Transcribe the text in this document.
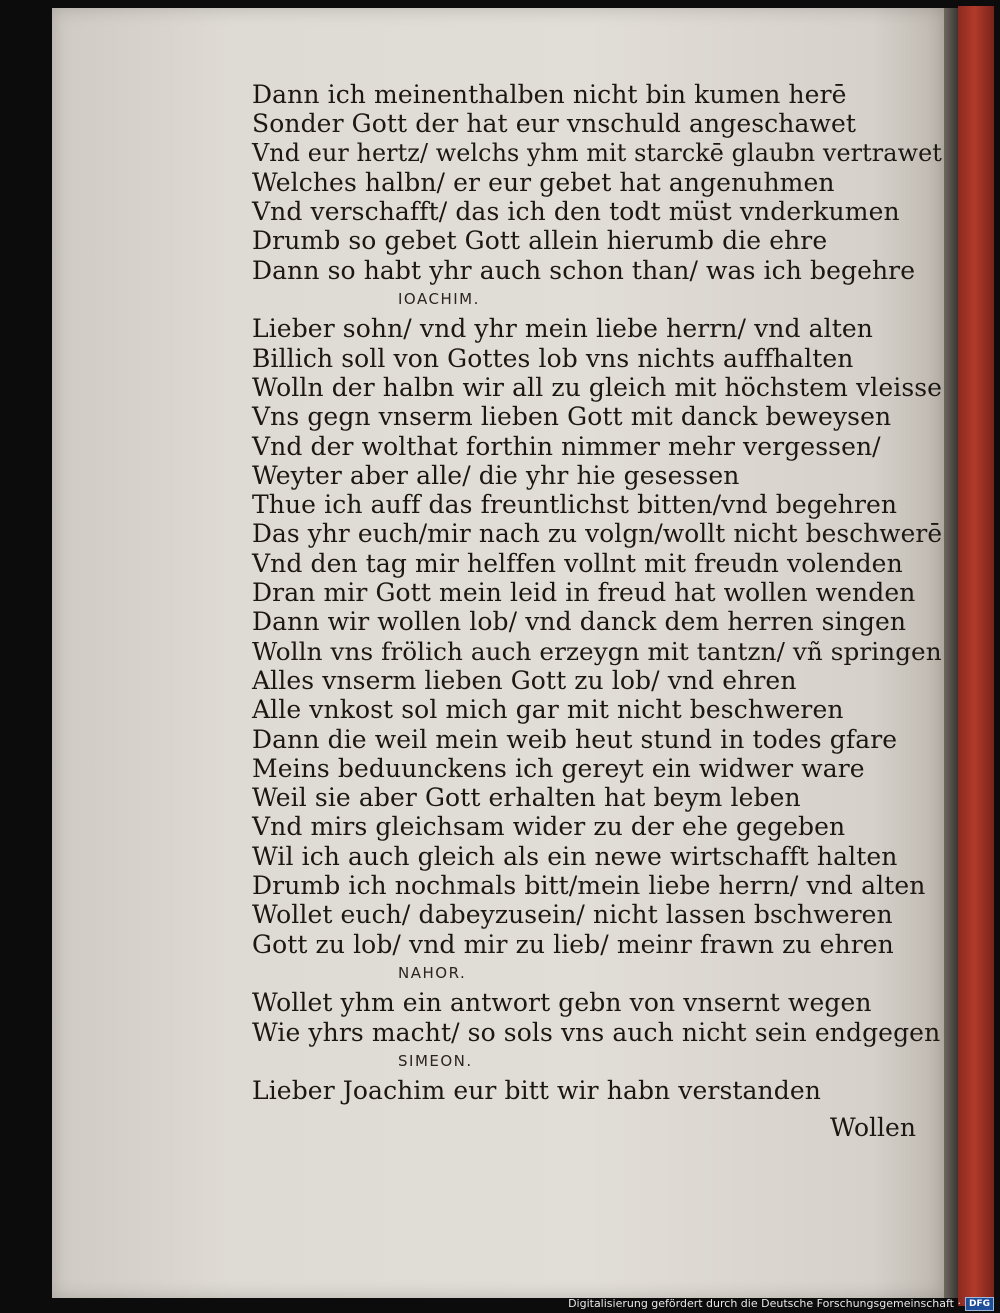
Dann ich meinenthalben nicht bin kumen herē
Sonder Gott der hat eur vnschuld angeschawet
Vnd eur hertz/ welchs yhm mit starckē glaubn vertrawet
Welches halbn/ er eur gebet hat angenuhmen
Vnd verschafft/ das ich den todt müst vnderkumen
Drumb so gebet Gott allein hierumb die ehre
Dann so habt yhr auch schon than/ was ich begehre
IOACHIM.
Lieber sohn/ vnd yhr mein liebe herrn/ vnd alten
Billich soll von Gottes lob vns nichts auffhalten
Wolln der halbn wir all zu gleich mit höchstem vleisse
Vns gegn vnserm lieben Gott mit danck beweysen
Vnd der wolthat forthin nimmer mehr vergessen/
Weyter aber alle/ die yhr hie gesessen
Thue ich auff das freuntlichst bitten/vnd begehren
Das yhr euch/mir nach zu volgn/wollt nicht beschwerē
Vnd den tag mir helffen vollnt mit freudn volenden
Dran mir Gott mein leid in freud hat wollen wenden
Dann wir wollen lob/ vnd danck dem herren singen
Wolln vns frölich auch erzeygn mit tantzn/ vñ springen
Alles vnserm lieben Gott zu lob/ vnd ehren
Alle vnkost sol mich gar mit nicht beschweren
Dann die weil mein weib heut stund in todes gfare
Meins beduunckens ich gereyt ein widwer ware
Weil sie aber Gott erhalten hat beym leben
Vnd mirs gleichsam wider zu der ehe gegeben
Wil ich auch gleich als ein newe wirtschafft halten
Drumb ich nochmals bitt/mein liebe herrn/ vnd alten
Wollet euch/ dabeyzusein/ nicht lassen bschweren
Gott zu lob/ vnd mir zu lieb/ meinr frawn zu ehren
NAHOR.
Wollet yhm ein antwort gebn von vnsernt wegen
Wie yhrs macht/ so sols vns auch nicht sein endgegen
SIMEON.
Lieber Joachim eur bitt wir habn verstanden
Wollen
Digitalisierung gefördert durch die Deutsche Forschungsgemeinschaft · DFG
